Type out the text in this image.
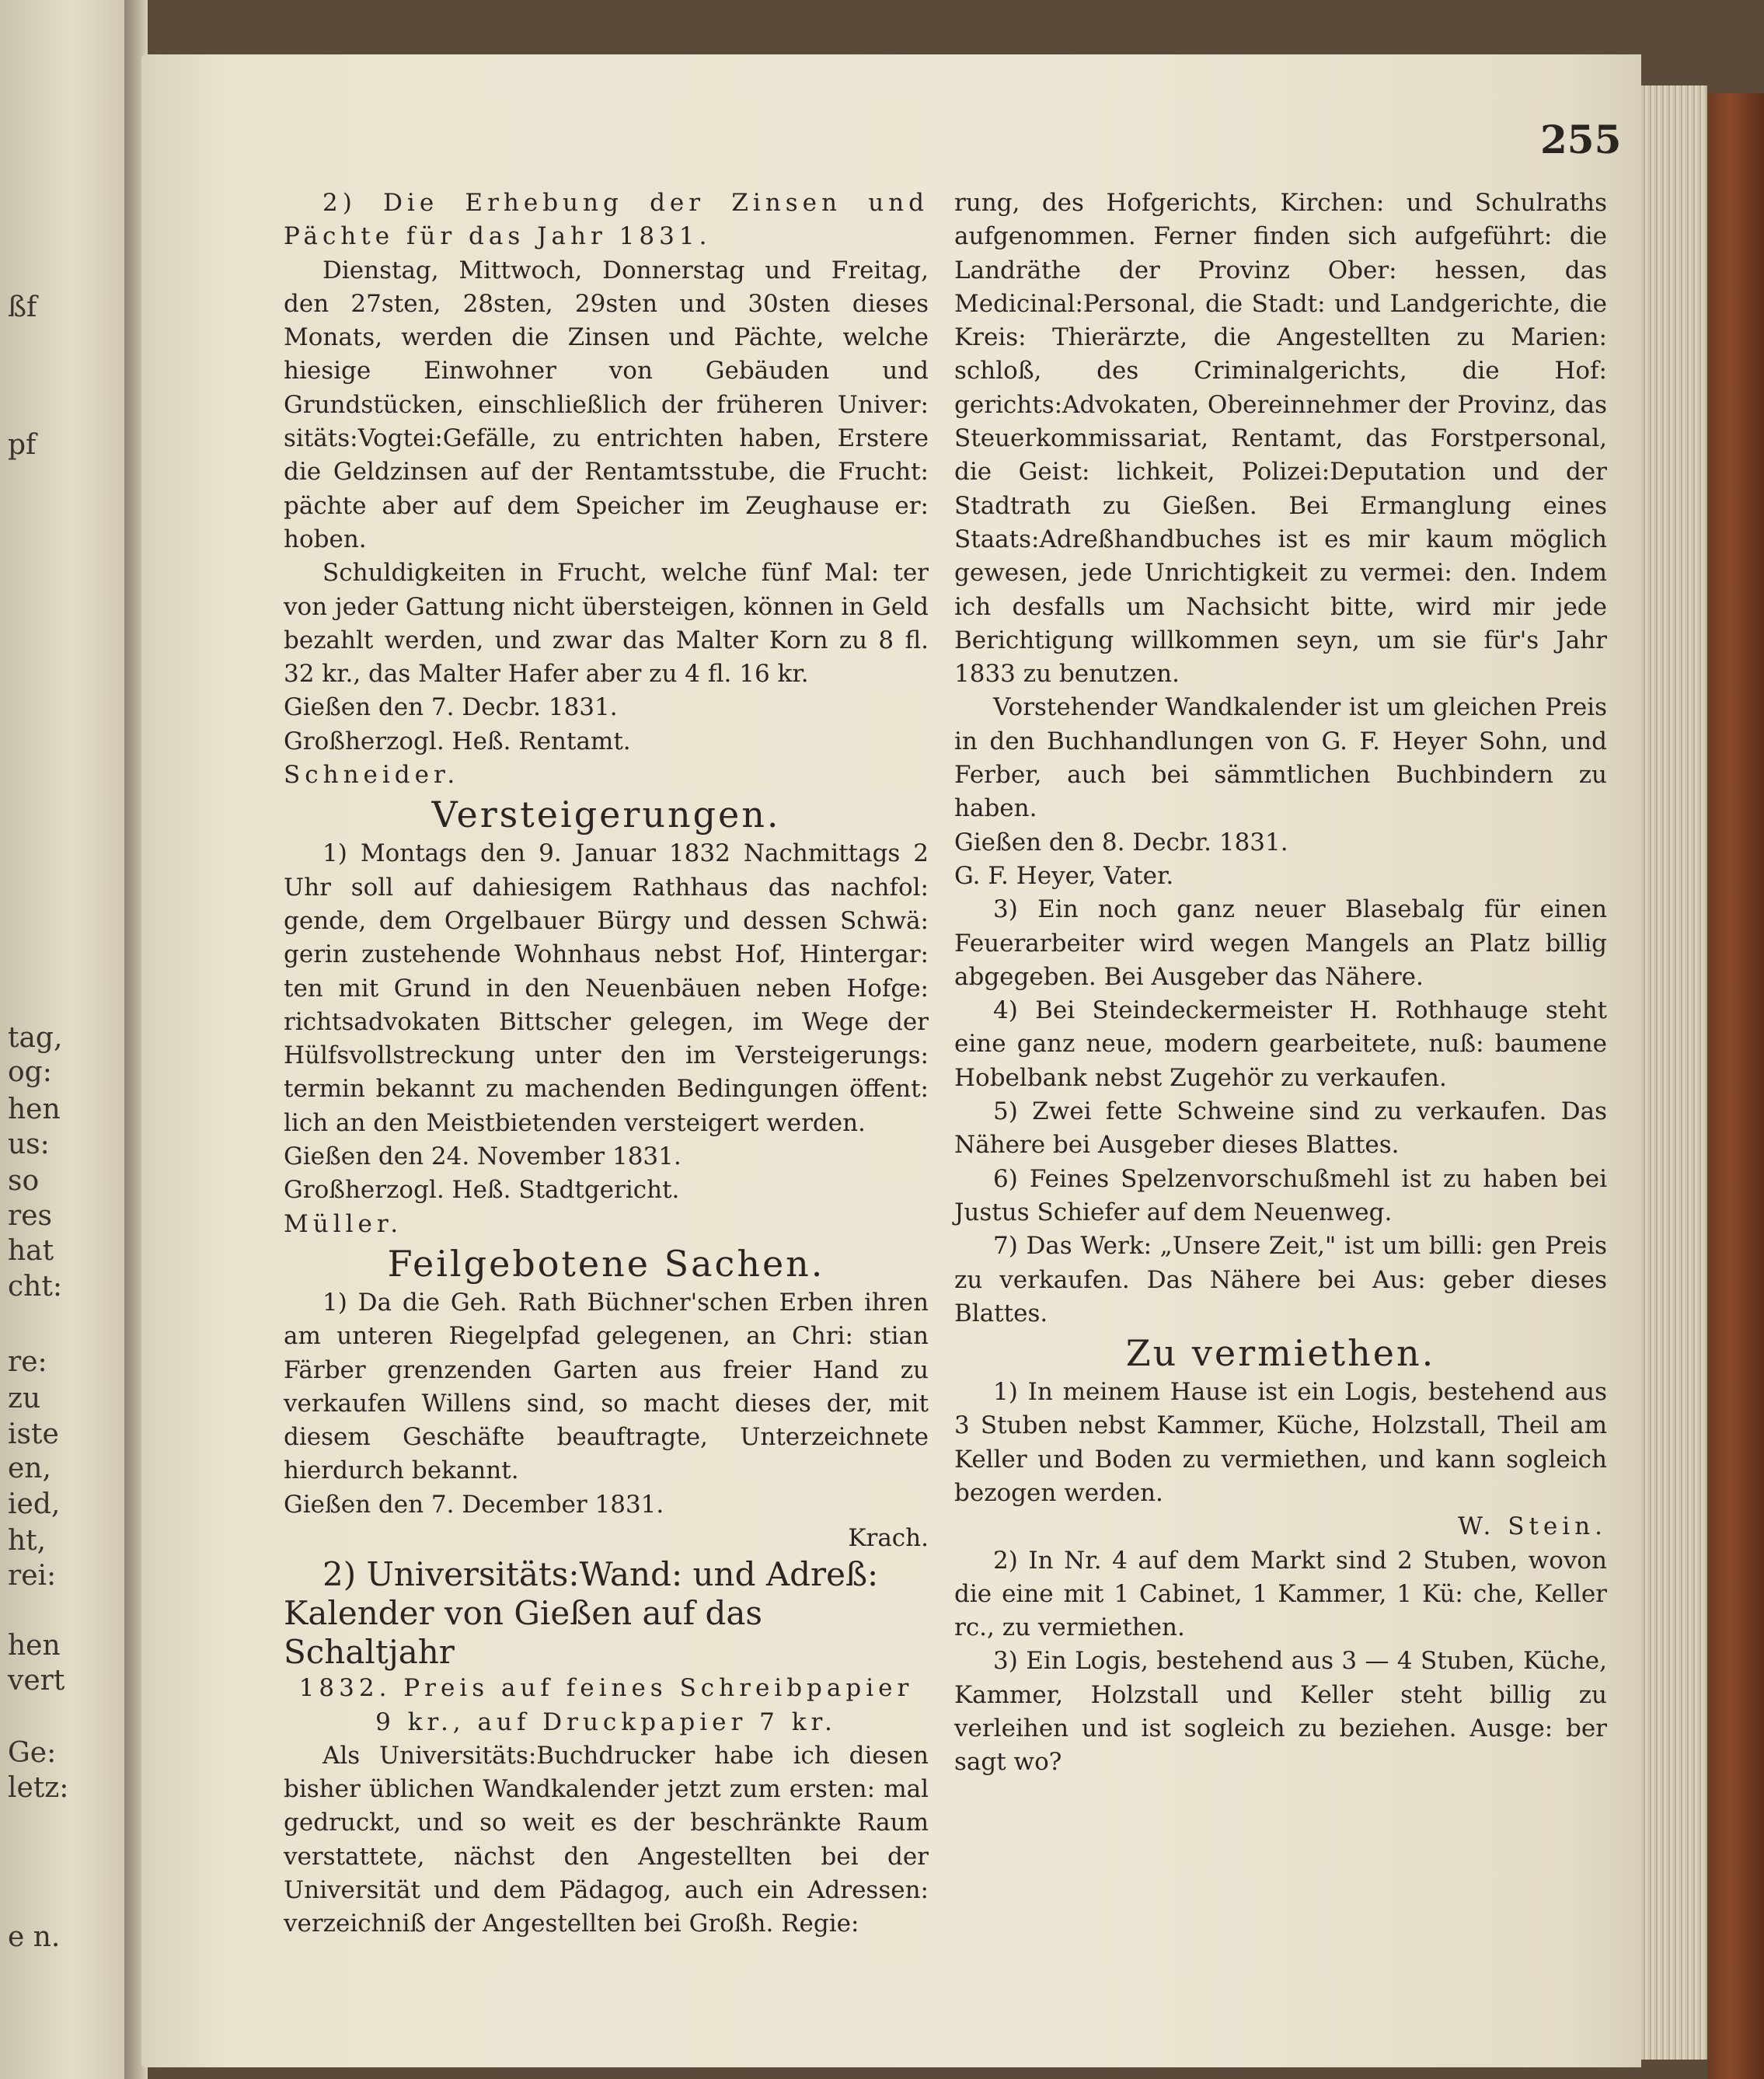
ßf
pf
tag,
og:
hen
us:
so
res
hat
cht:
re:
zu
iste
en,
ied,
ht,
rei:
hen
vert
Ge:
letz:
e n.
255

2) Die Erhebung der Zinsen und Pächte für das Jahr 1831.

Dienstag, Mittwoch, Donnerstag und Freitag, den 27sten, 28sten, 29sten und 30sten dieses Monats, werden die Zinsen und Pächte, welche hiesige Einwohner von Gebäuden und Grundstücken, einschließlich der früheren Univer: sitäts:Vogtei:Gefälle, zu entrichten haben, Erstere die Geldzinsen auf der Rentamtsstube, die Frucht: pächte aber auf dem Speicher im Zeughause er: hoben.

Schuldigkeiten in Frucht, welche fünf Mal: ter von jeder Gattung nicht übersteigen, können in Geld bezahlt werden, und zwar das Malter Korn zu 8 fl. 32 kr., das Malter Hafer aber zu 4 fl. 16 kr.

Gießen den 7. Decbr. 1831.

Großherzogl. Heß. Rentamt.

Schneider.

Versteigerungen.

1) Montags den 9. Januar 1832 Nachmittags 2 Uhr soll auf dahiesigem Rathhaus das nachfol: gende, dem Orgelbauer Bürgy und dessen Schwä: gerin zustehende Wohnhaus nebst Hof, Hintergar: ten mit Grund in den Neuenbäuen neben Hofge: richtsadvokaten Bittscher gelegen, im Wege der Hülfsvollstreckung unter den im Versteigerungs: termin bekannt zu machenden Bedingungen öffent: lich an den Meistbietenden versteigert werden.

Gießen den 24. November 1831.

Großherzogl. Heß. Stadtgericht.

Müller.

Feilgebotene Sachen.

1) Da die Geh. Rath Büchner'schen Erben ihren am unteren Riegelpfad gelegenen, an Chri: stian Färber grenzenden Garten aus freier Hand zu verkaufen Willens sind, so macht dieses der, mit diesem Geschäfte beauftragte, Unterzeichnete hierdurch bekannt.

Gießen den 7. December 1831.

Krach.

2) Universitäts:Wand: und Adreß: Kalender von Gießen auf das Schaltjahr

1832. Preis auf feines Schreibpapier 9 kr., auf Druckpapier 7 kr.

Als Universitäts:Buchdrucker habe ich diesen bisher üblichen Wandkalender jetzt zum ersten: mal gedruckt, und so weit es der beschränkte Raum verstattete, nächst den Angestellten bei der Universität und dem Pädagog, auch ein Adressen: verzeichniß der Angestellten bei Großh. Regie:

rung, des Hofgerichts, Kirchen: und Schulraths aufgenommen. Ferner finden sich aufgeführt: die Landräthe der Provinz Ober: hessen, das Medicinal:Personal, die Stadt: und Landgerichte, die Kreis: Thierärzte, die Angestellten zu Marien: schloß, des Criminalgerichts, die Hof: gerichts:Advokaten, Obereinnehmer der Provinz, das Steuerkommissariat, Rentamt, das Forstpersonal, die Geist: lichkeit, Polizei:Deputation und der Stadtrath zu Gießen. Bei Ermanglung eines Staats:Adreßhandbuches ist es mir kaum möglich gewesen, jede Unrichtigkeit zu vermei: den. Indem ich desfalls um Nachsicht bitte, wird mir jede Berichtigung willkommen seyn, um sie für's Jahr 1833 zu benutzen.

Vorstehender Wandkalender ist um gleichen Preis in den Buchhandlungen von G. F. Heyer Sohn, und Ferber, auch bei sämmtlichen Buchbindern zu haben.

Gießen den 8. Decbr. 1831.

G. F. Heyer, Vater.

3) Ein noch ganz neuer Blasebalg für einen Feuerarbeiter wird wegen Mangels an Platz billig abgegeben. Bei Ausgeber das Nähere.

4) Bei Steindeckermeister H. Rothhauge steht eine ganz neue, modern gearbeitete, nuß: baumene Hobelbank nebst Zugehör zu verkaufen.

5) Zwei fette Schweine sind zu verkaufen. Das Nähere bei Ausgeber dieses Blattes.

6) Feines Spelzenvorschußmehl ist zu haben bei Justus Schiefer auf dem Neuenweg.

7) Das Werk: „Unsere Zeit," ist um billi: gen Preis zu verkaufen. Das Nähere bei Aus: geber dieses Blattes.

Zu vermiethen.

1) In meinem Hause ist ein Logis, bestehend aus 3 Stuben nebst Kammer, Küche, Holzstall, Theil am Keller und Boden zu vermiethen, und kann sogleich bezogen werden.

W. Stein.

2) In Nr. 4 auf dem Markt sind 2 Stuben, wovon die eine mit 1 Cabinet, 1 Kammer, 1 Kü: che, Keller rc., zu vermiethen.

3) Ein Logis, bestehend aus 3 — 4 Stuben, Küche, Kammer, Holzstall und Keller steht billig zu verleihen und ist sogleich zu beziehen. Ausge: ber sagt wo?
